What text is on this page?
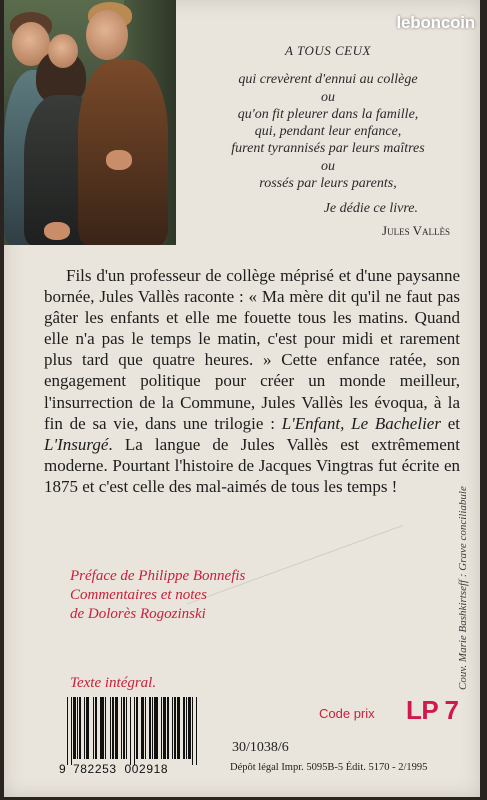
A TOUS CEUX
qui crevèrent d'ennui au collège
ou
qu'on fit pleurer dans la famille,
qui, pendant leur enfance,
furent tyrannisés par leurs maîtres
ou
rossés par leurs parents,
Je dédie ce livre.
Jules Vallès

Fils d'un professeur de collège méprisé et d'une paysanne bornée, Jules Vallès raconte : « Ma mère dit qu'il ne faut pas gâter les enfants et elle me fouette tous les matins. Quand elle n'a pas le temps le matin, c'est pour midi et rarement plus tard que quatre heures. » Cette enfance ratée, son engagement politique pour créer un monde meilleur, l'insurrection de la Commune, Jules Vallès les évoqua, à la fin de sa vie, dans une trilogie : L'Enfant, Le Bachelier et L'Insurgé. La langue de Jules Vallès est extrêmement moderne. Pourtant l'histoire de Jacques Vingtras fut écrite en 1875 et c'est celle des mal-aimés de tous les temps !

Préface de Philippe Bonnefis
Commentaires et notes
de Dolorès Rogozinski
Texte intégral.	Couv. Marie Bashkirtseff : Grave conciliabule
Code prix LP 7
9 782253  002918
30/1038/6
Dépôt légal Impr. 5095B-5 Édit. 5170 - 2/1995
leboncoin
